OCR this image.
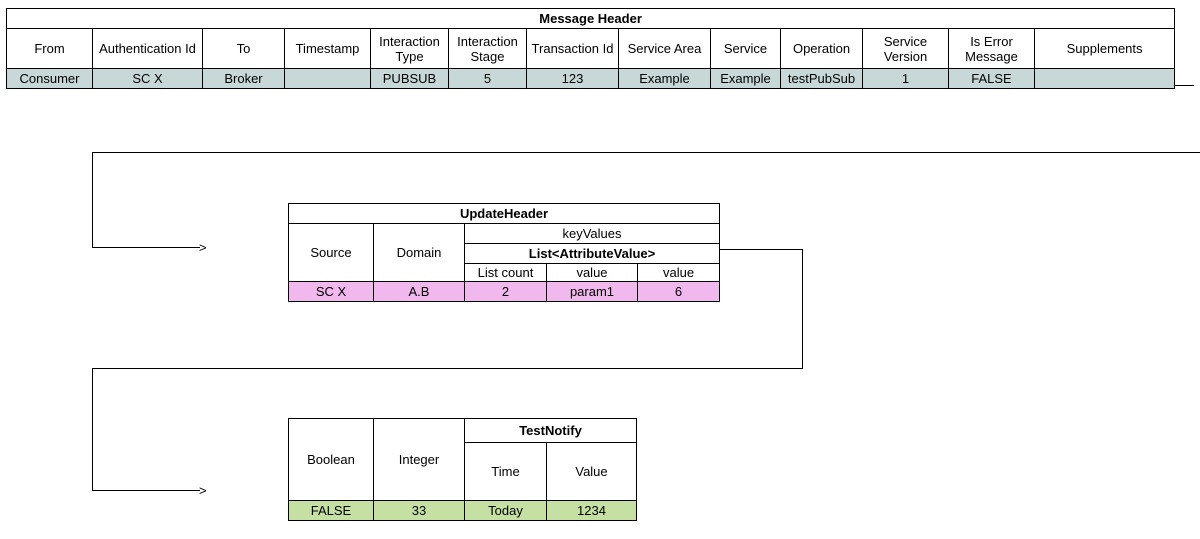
Message Header												
From	Authentication Id	To	Timestamp	Interaction Type	Interaction Stage	Transaction Id	Service Area	Service	Operation	Service Version	Is Error Message	Supplements
Consumer	SC X	Broker		PUBSUB	5	123	Example	Example	testPubSub	1	FALSE	
>
>
UpdateHeader				
Source	Domain	keyValues		
		List<AttributeValue>		
		List count	value	value
SC X	A.B	2	param1	6
Boolean	Integer	TestNotify	
		Time	Value
FALSE	33	Today	1234
